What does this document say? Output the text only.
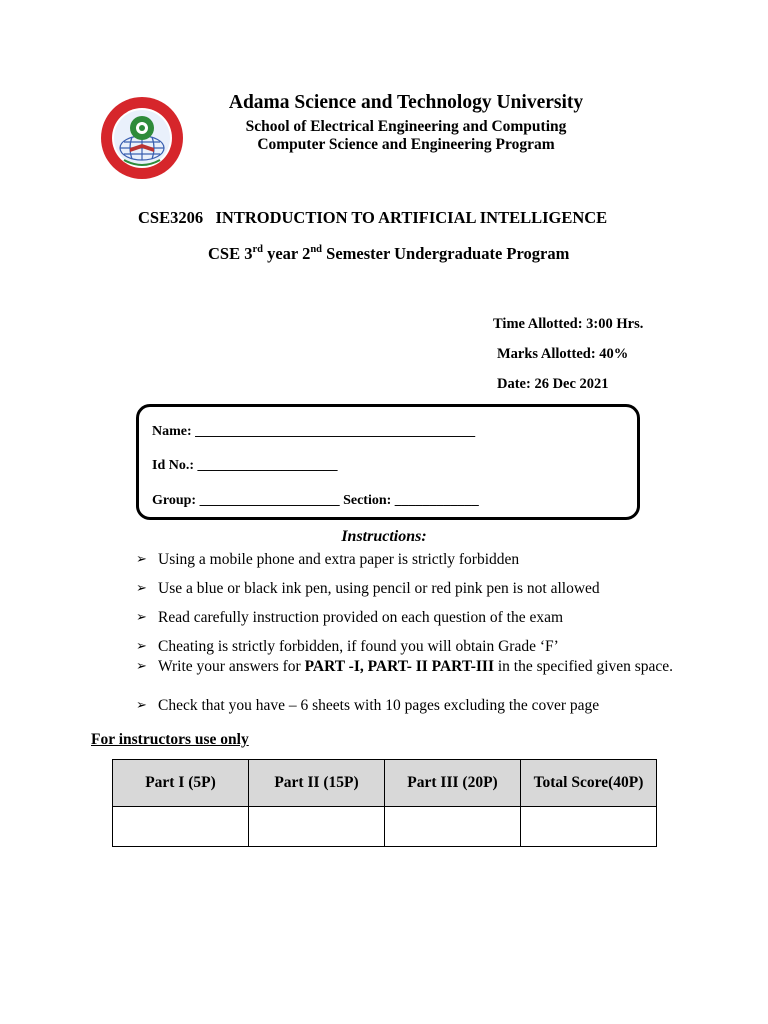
Adama Science and Technology University
School of Electrical Engineering and Computing
Computer Science and Engineering Program
CSE3206 INTRODUCTION TO ARTIFICIAL INTELLIGENCE
CSE 3rd year 2nd Semester Undergraduate Program
Time Allotted: 3:00 Hrs.
Marks Allotted: 40%
Date: 26 Dec 2021
Name: ________________________________________
Id No.: ____________________
Group: ____________________ Section: ____________
Instructions:
➢ Using a mobile phone and extra paper is strictly forbidden
➢ Use a blue or black ink pen, using pencil or red pink pen is not allowed
➢ Read carefully instruction provided on each question of the exam
➢ Cheating is strictly forbidden, if found you will obtain Grade ‘F’
➢ Write your answers for PART -I, PART- II PART-III in the specified given space.
➢ Check that you have – 6 sheets with 10 pages excluding the cover page
For instructors use only
Part I (5P)	Part II (15P)	Part III (20P)	Total Score(40P)
